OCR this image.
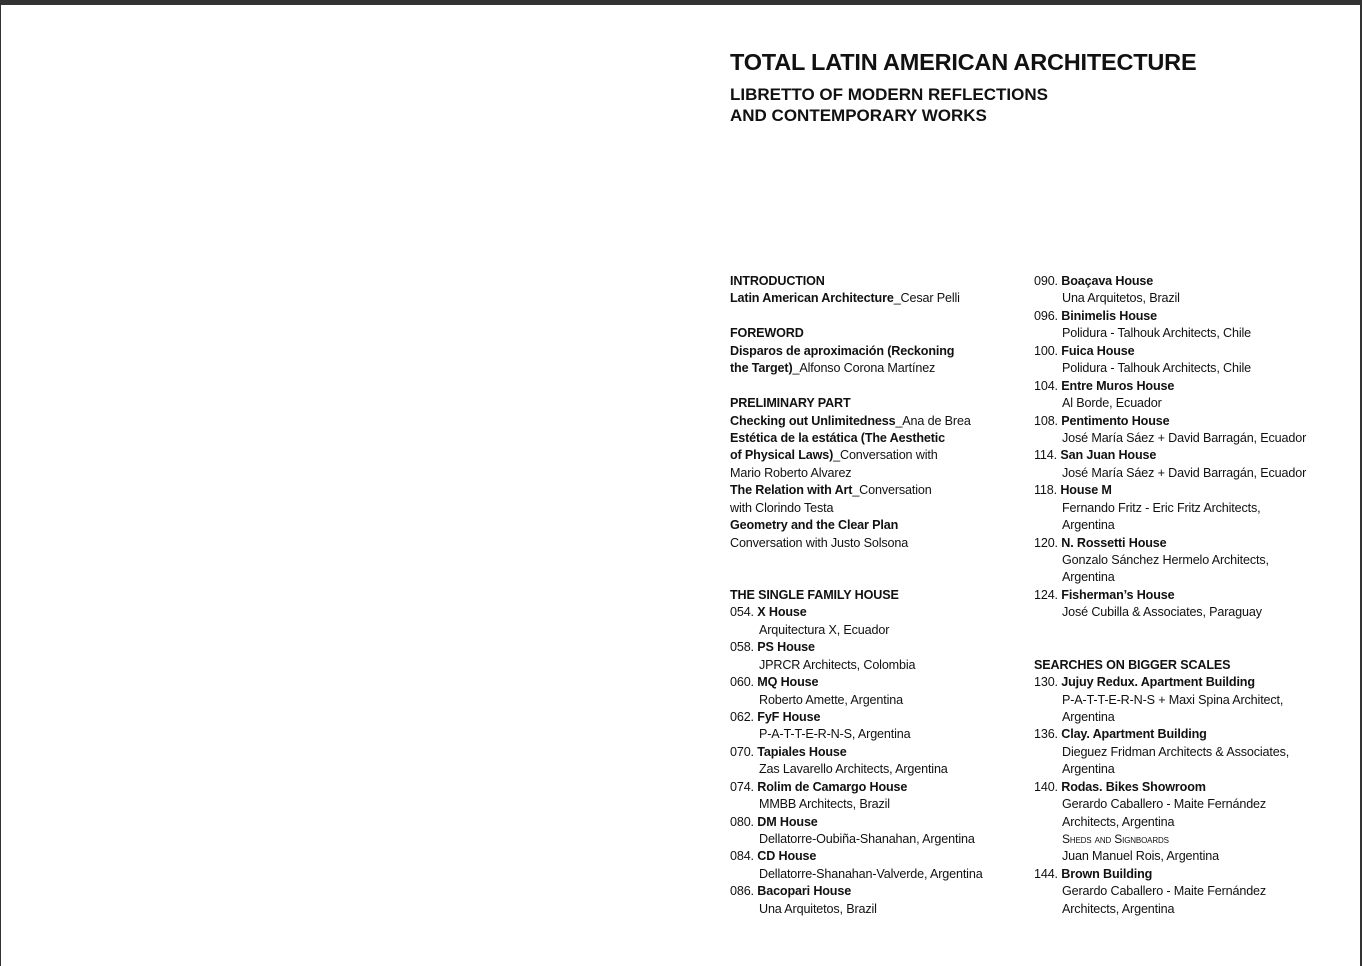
TOTAL LATIN AMERICAN ARCHITECTURE
LIBRETTO OF MODERN REFLECTIONS
AND CONTEMPORARY WORKS
INTRODUCTION
Latin American Architecture_Cesar Pelli
FOREWORD
Disparos de aproximación (Reckoning
the Target)_Alfonso Corona Martínez
PRELIMINARY PART
Checking out Unlimitedness_Ana de Brea
Estética de la estática (The Aesthetic
of Physical Laws)_Conversation with
Mario Roberto Alvarez
The Relation with Art_Conversation
with Clorindo Testa
Geometry and the Clear Plan
Conversation with Justo Solsona
THE SINGLE FAMILY HOUSE
054. X House
Arquitectura X, Ecuador
058. PS House
JPRCR Architects, Colombia
060. MQ House
Roberto Amette, Argentina
062. FyF House
P-A-T-T-E-R-N-S, Argentina
070. Tapiales House
Zas Lavarello Architects, Argentina
074. Rolim de Camargo House
MMBB Architects, Brazil
080. DM House
Dellatorre-Oubiña-Shanahan, Argentina
084. CD House
Dellatorre-Shanahan-Valverde, Argentina
086. Bacopari House
Una Arquitetos, Brazil
090. Boaçava House
Una Arquitetos, Brazil
096. Binimelis House
Polidura - Talhouk Architects, Chile
100. Fuica House
Polidura - Talhouk Architects, Chile
104. Entre Muros House
Al Borde, Ecuador
108. Pentimento House
José María Sáez + David Barragán, Ecuador
114. San Juan House
José María Sáez + David Barragán, Ecuador
118. House M
Fernando Fritz - Eric Fritz Architects,
Argentina
120. N. Rossetti House
Gonzalo Sánchez Hermelo Architects,
Argentina
124. Fisherman’s House
José Cubilla & Associates, Paraguay
SEARCHES ON BIGGER SCALES
130. Jujuy Redux. Apartment Building
P-A-T-T-E-R-N-S + Maxi Spina Architect,
Argentina
136. Clay. Apartment Building
Dieguez Fridman Architects & Associates,
Argentina
140. Rodas. Bikes Showroom
Gerardo Caballero - Maite Fernández
Architects, Argentina
Sheds and Signboards
Juan Manuel Rois, Argentina
144. Brown Building
Gerardo Caballero - Maite Fernández
Architects, Argentina
